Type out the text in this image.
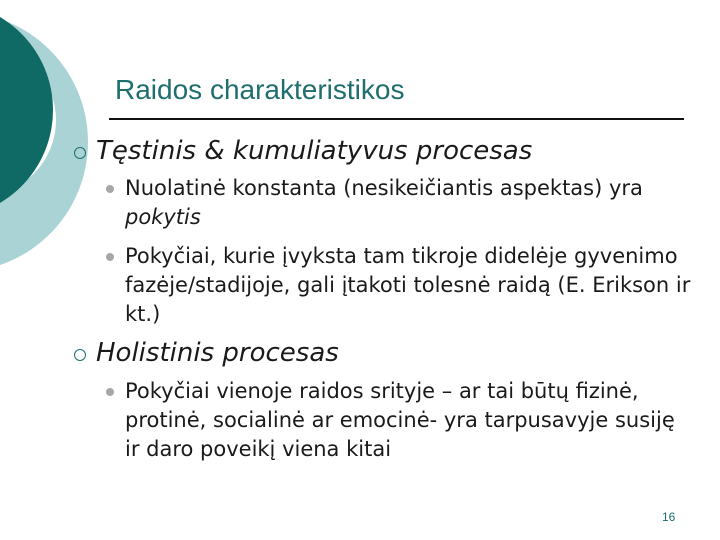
Raidos charakteristikos
Tęstinis & kumuliatyvus procesas
Nuolatinė konstanta (nesikeičiantis aspektas) yra pokytis
Pokyčiai, kurie įvyksta tam tikroje didelėje gyvenimo fazėje/stadijoje, gali įtakoti tolesnė raidą (E. Erikson ir kt.)
Holistinis procesas
Pokyčiai vienoje raidos srityje – ar tai būtų fizinė, protinė, socialinė ar emocinė- yra tarpusavyje susiję ir daro poveikį viena kitai
16
